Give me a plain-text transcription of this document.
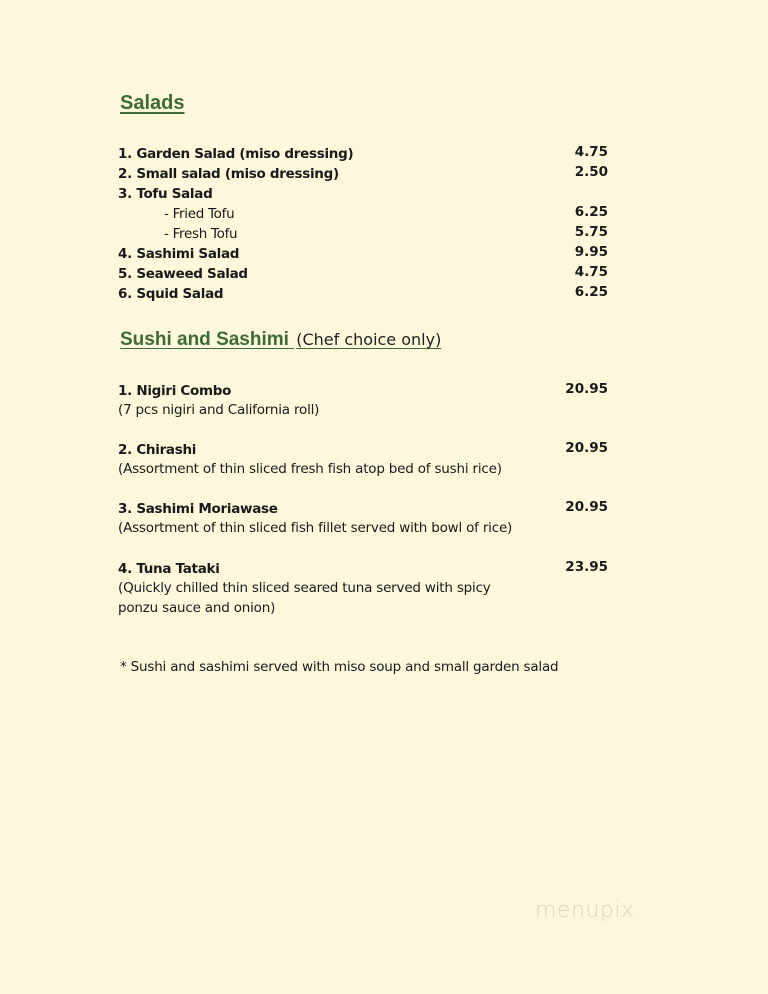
Salads
1. Garden Salad (miso dressing)	4.75
2. Small salad (miso dressing)	2.50
3. Tofu Salad
- Fried Tofu	6.25
- Fresh Tofu	5.75
4. Sashimi Salad	9.95
5. Seaweed Salad	4.75
6. Squid Salad	6.25
Sushi and Sashimi (Chef choice only)
1. Nigiri Combo	20.95
(7 pcs nigiri and California roll)
2. Chirashi	20.95
(Assortment of thin sliced fresh fish atop bed of sushi rice)
3. Sashimi Moriawase	20.95
(Assortment of thin sliced fish fillet served with bowl of rice)
4. Tuna Tataki	23.95
(Quickly chilled thin sliced seared tuna served with spicy ponzu sauce and onion)
* Sushi and sashimi served with miso soup and small garden salad
menupix
